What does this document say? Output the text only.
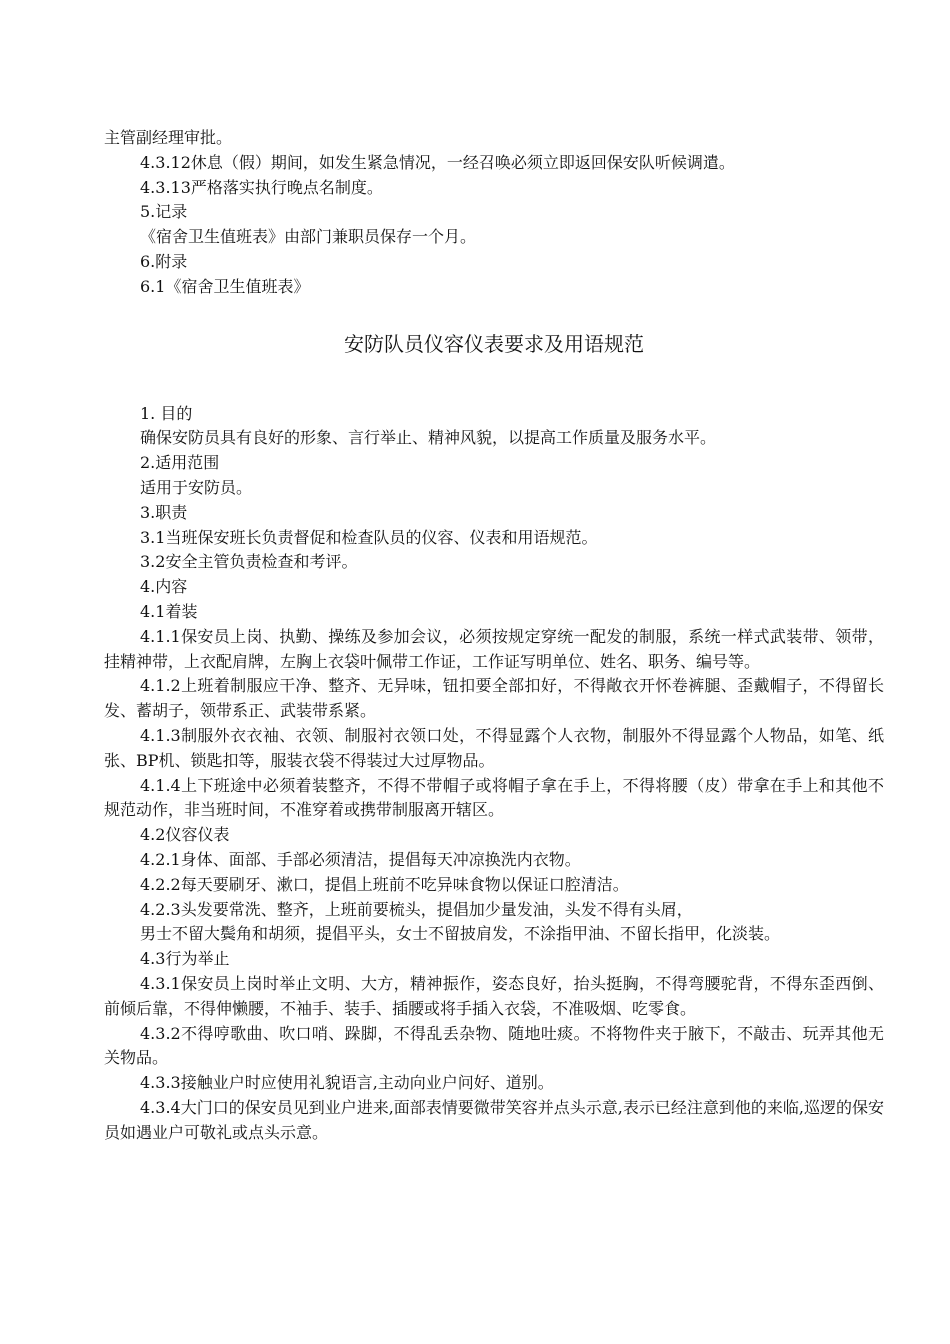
主管副经理审批。

4.3.12休息（假）期间，如发生紧急情况，一经召唤必须立即返回保安队听候调遣。

4.3.13严格落实执行晚点名制度。

5.记录

《宿舍卫生值班表》由部门兼职员保存一个月。

6.附录

6.1《宿舍卫生值班表》

安防队员仪容仪表要求及用语规范

1. 目的

确保安防员具有良好的形象、言行举止、精神风貌，以提高工作质量及服务水平。

2.适用范围

适用于安防员。

3.职责

3.1当班保安班长负责督促和检查队员的仪容、仪表和用语规范。

3.2安全主管负责检查和考评。

4.内容

4.1着装

4.1.1保安员上岗、执勤、操练及参加会议，必须按规定穿统一配发的制服，系统一样式武装带、领带，挂精神带，上衣配肩牌，左胸上衣袋叶佩带工作证，工作证写明单位、姓名、职务、编号等。

4.1.2上班着制服应干净、整齐、无异味，钮扣要全部扣好，不得敞衣开怀卷裤腿、歪戴帽子，不得留长发、蓄胡子，领带系正、武装带系紧。

4.1.3制服外衣衣袖、衣领、制服衬衣领口处，不得显露个人衣物，制服外不得显露个人物品，如笔、纸张、BP机、锁匙扣等，服装衣袋不得装过大过厚物品。

4.1.4上下班途中必须着装整齐，不得不带帽子或将帽子拿在手上，不得将腰（皮）带拿在手上和其他不规范动作，非当班时间，不准穿着或携带制服离开辖区。

4.2仪容仪表

4.2.1身体、面部、手部必须清洁，提倡每天冲凉换洗内衣物。

4.2.2每天要刷牙、漱口，提倡上班前不吃异味食物以保证口腔清洁。

4.2.3头发要常洗、整齐，上班前要梳头，提倡加少量发油，头发不得有头屑，

男士不留大鬓角和胡须，提倡平头，女士不留披肩发，不涂指甲油、不留长指甲，化淡装。

4.3行为举止

4.3.1保安员上岗时举止文明、大方，精神振作，姿态良好，抬头挺胸，不得弯腰驼背，不得东歪西倒、前倾后靠，不得伸懒腰，不袖手、装手、插腰或将手插入衣袋，不准吸烟、吃零食。

4.3.2不得哼歌曲、吹口哨、跺脚，不得乱丢杂物、随地吐痰。不将物件夹于腋下，不敲击、玩弄其他无关物品。

4.3.3接触业户时应使用礼貌语言,主动向业户问好、道别。

4.3.4大门口的保安员见到业户进来,面部表情要微带笑容并点头示意,表示已经注意到他的来临,巡逻的保安员如遇业户可敬礼或点头示意。
